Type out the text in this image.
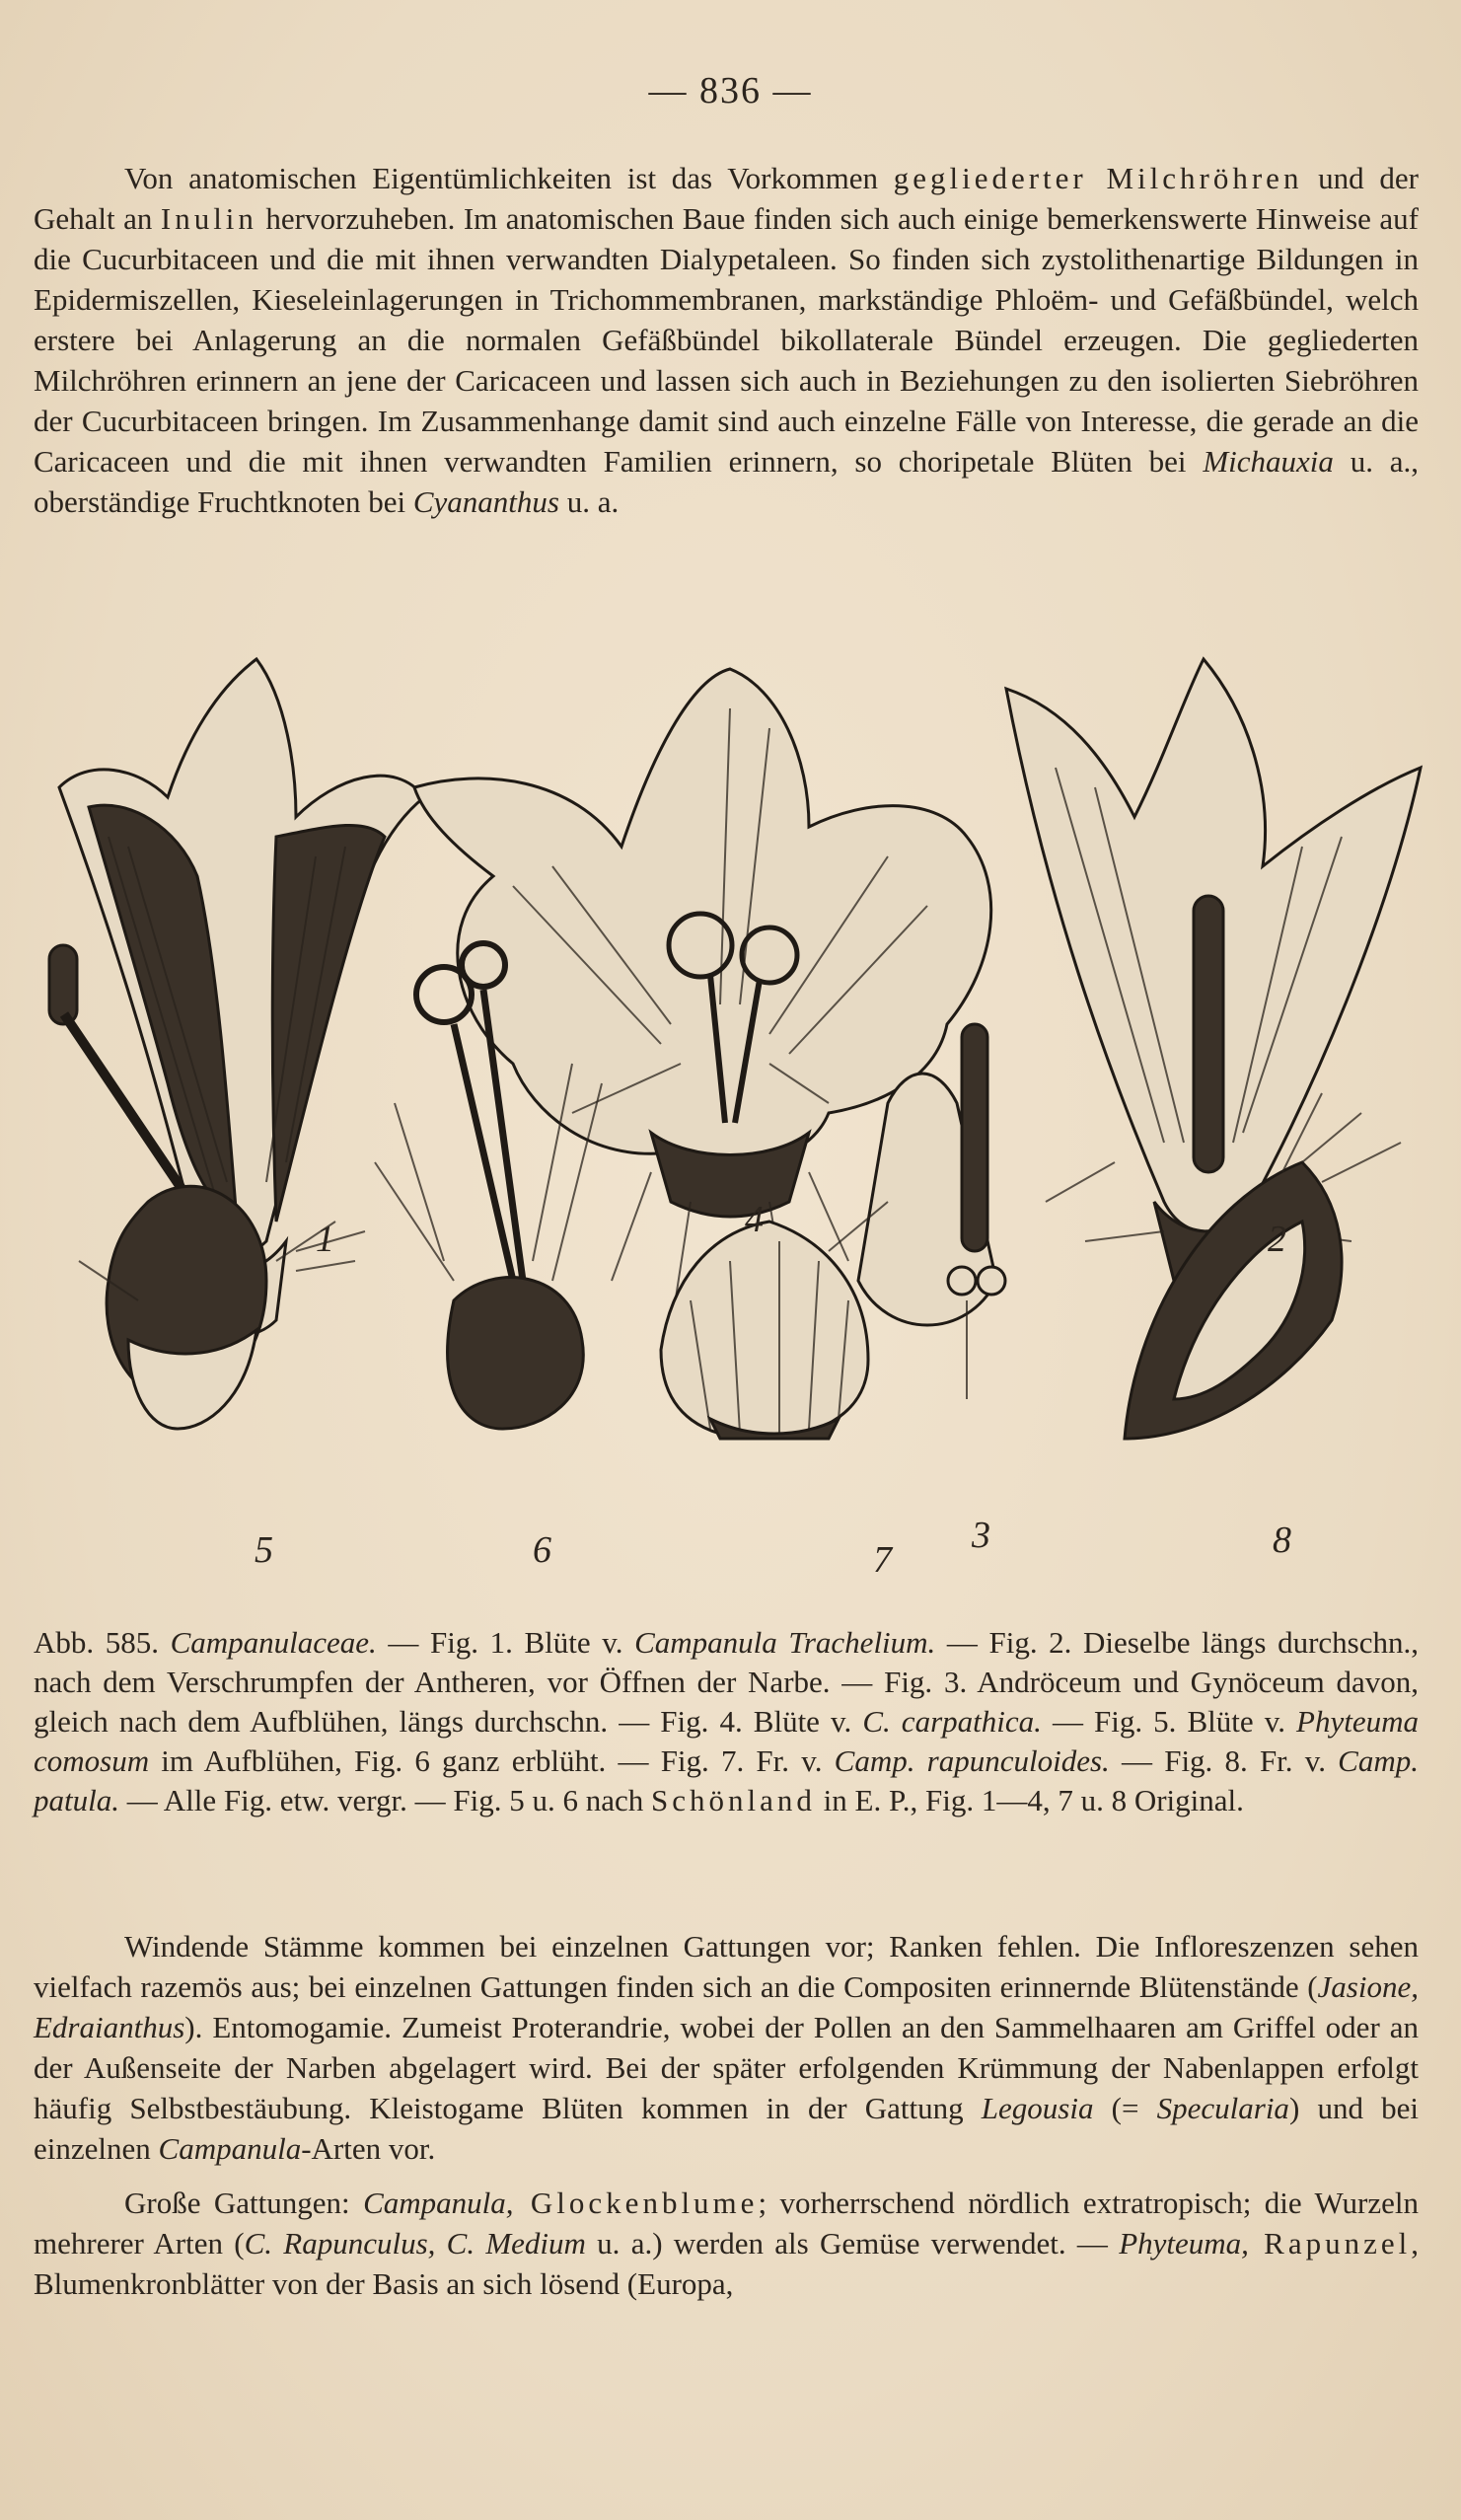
— 836 —

Von anatomischen Eigentümlichkeiten ist das Vorkommen gegliederter Milchröhren und der Gehalt an Inulin hervorzuheben. Im anatomischen Baue finden sich auch einige bemerkenswerte Hinweise auf die Cucurbitaceen und die mit ihnen verwandten Dialypetaleen. So finden sich zystolithenartige Bildungen in Epidermiszellen, Kieseleinlagerungen in Trichommembranen, markständige Phloëm- und Gefäßbündel, welch erstere bei Anlagerung an die normalen Gefäßbündel bikollaterale Bündel erzeugen. Die gegliederten Milchröhren erinnern an jene der Caricaceen und lassen sich auch in Beziehungen zu den isolierten Siebröhren der Cucurbitaceen bringen. Im Zusammenhange damit sind auch einzelne Fälle von Interesse, die gerade an die Caricaceen und die mit ihnen verwandten Familien erinnern, so choripetale Blüten bei Michauxia u. a., oberständige Fruchtknoten bei Cyananthus u. a.

1	2
3
4
5	6	7	8
Abb. 585. Campanulaceae. — Fig. 1. Blüte v. Campanula Trachelium. — Fig. 2. Dieselbe längs durchschn., nach dem Verschrumpfen der Antheren, vor Öffnen der Narbe. — Fig. 3. Andröceum und Gynöceum davon, gleich nach dem Aufblühen, längs durchschn. — Fig. 4. Blüte v. C. carpathica. — Fig. 5. Blüte v. Phyteuma comosum im Aufblühen, Fig. 6 ganz erblüht. — Fig. 7. Fr. v. Camp. rapunculoides. — Fig. 8. Fr. v. Camp. patula. — Alle Fig. etw. vergr. — Fig. 5 u. 6 nach Schönland in E. P., Fig. 1—4, 7 u. 8 Original.

Windende Stämme kommen bei einzelnen Gattungen vor; Ranken fehlen. Die Infloreszenzen sehen vielfach razemös aus; bei einzelnen Gattungen finden sich an die Compositen erinnernde Blütenstände (Jasione, Edraianthus). Entomogamie. Zumeist Proterandrie, wobei der Pollen an den Sammelhaaren am Griffel oder an der Außenseite der Narben abgelagert wird. Bei der später erfolgenden Krümmung der Nabenlappen erfolgt häufig Selbstbestäubung. Kleistogame Blüten kommen in der Gattung Legousia (= Specularia) und bei einzelnen Campanula-Arten vor.

Große Gattungen: Campanula, Glockenblume; vorherrschend nördlich extratropisch; die Wurzeln mehrerer Arten (C. Rapunculus, C. Medium u. a.) werden als Gemüse verwendet. — Phyteuma, Rapunzel, Blumenkronblätter von der Basis an sich lösend (Europa,
